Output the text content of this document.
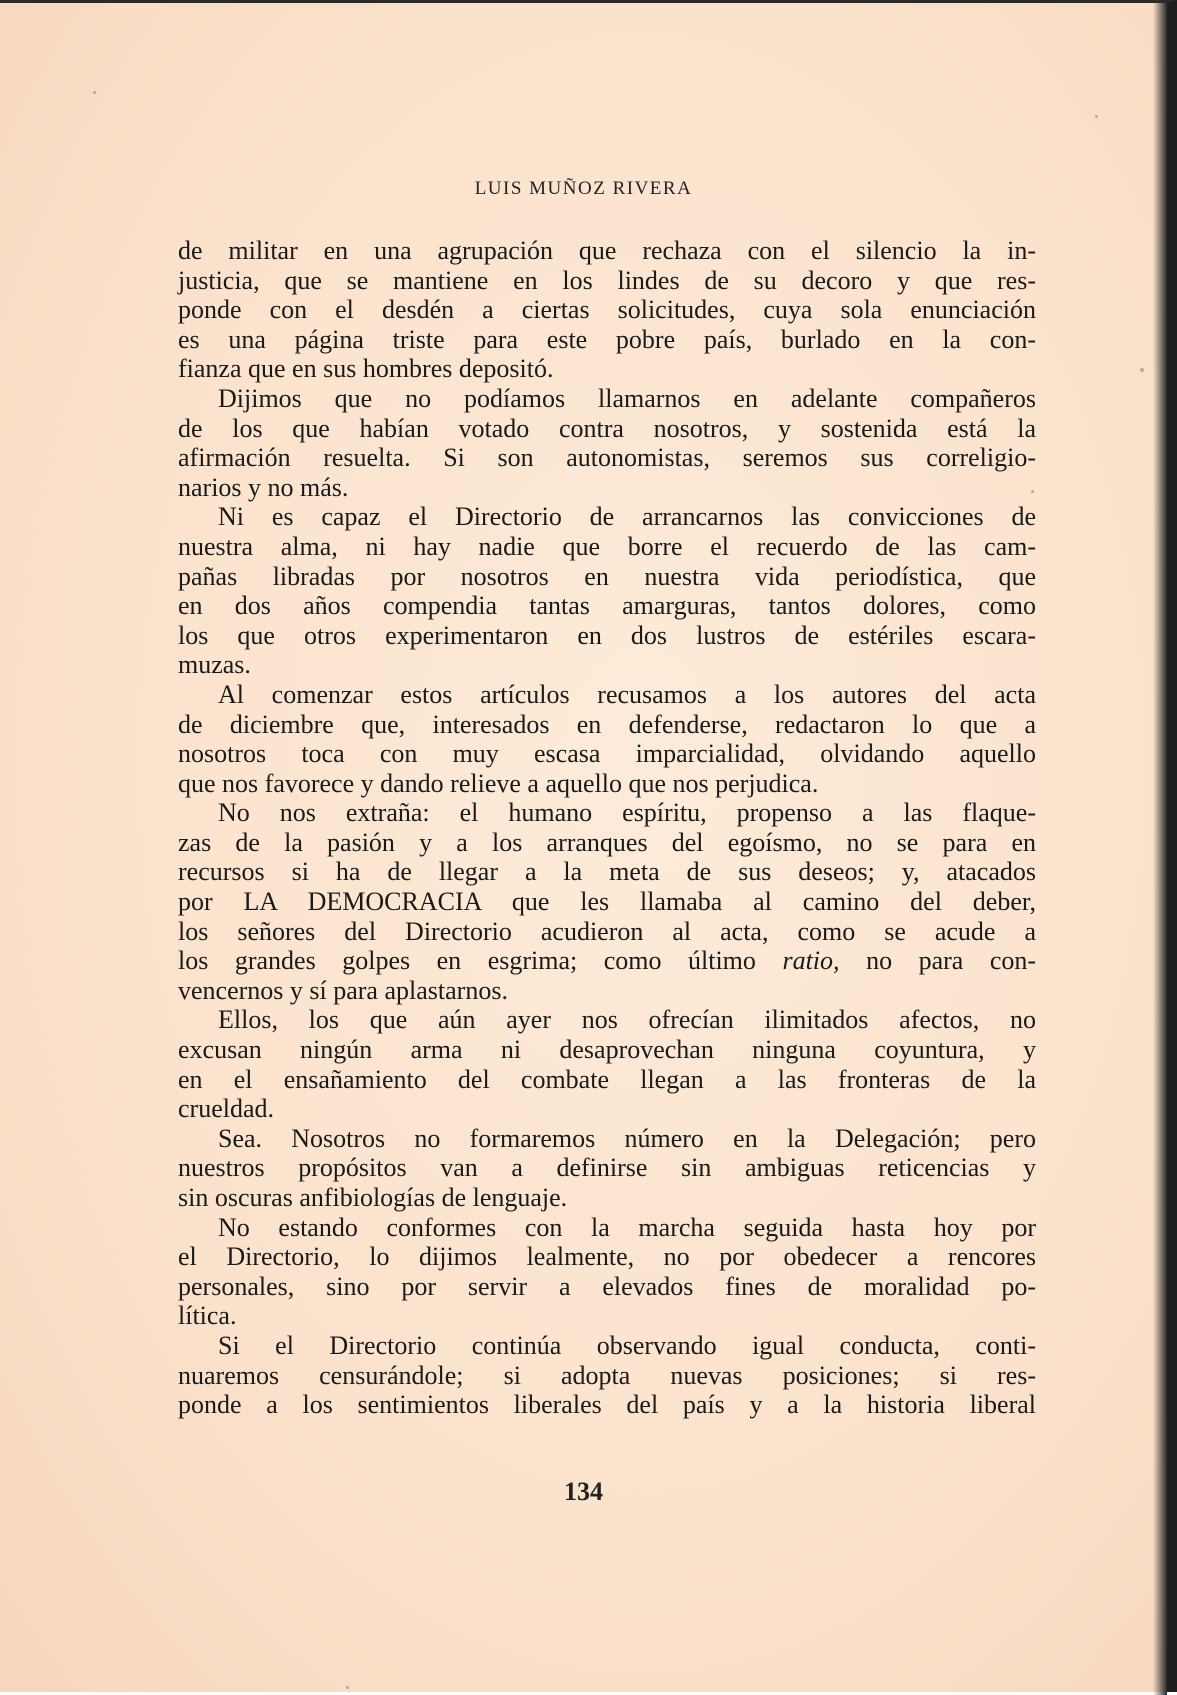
LUIS MUÑOZ RIVERA
de militar en una agrupación que rechaza con el silencio la in-
justicia, que se mantiene en los lindes de su decoro y que res-
ponde con el desdén a ciertas solicitudes, cuya sola enunciación
es una página triste para este pobre país, burlado en la con-
fianza que en sus hombres depositó.
Dijimos que no podíamos llamarnos en adelante compañeros
de los que habían votado contra nosotros, y sostenida está la
afirmación resuelta. Si son autonomistas, seremos sus correligio-
narios y no más.
Ni es capaz el Directorio de arrancarnos las convicciones de
nuestra alma, ni hay nadie que borre el recuerdo de las cam-
pañas libradas por nosotros en nuestra vida periodística, que
en dos años compendia tantas amarguras, tantos dolores, como
los que otros experimentaron en dos lustros de estériles escara-
muzas.
Al comenzar estos artículos recusamos a los autores del acta
de diciembre que, interesados en defenderse, redactaron lo que a
nosotros toca con muy escasa imparcialidad, olvidando aquello
que nos favorece y dando relieve a aquello que nos perjudica.
No nos extraña: el humano espíritu, propenso a las flaque-
zas de la pasión y a los arranques del egoísmo, no se para en
recursos si ha de llegar a la meta de sus deseos; y, atacados
por LA DEMOCRACIA que les llamaba al camino del deber,
los señores del Directorio acudieron al acta, como se acude a
los grandes golpes en esgrima; como último ratio, no para con-
vencernos y sí para aplastarnos.
Ellos, los que aún ayer nos ofrecían ilimitados afectos, no
excusan ningún arma ni desaprovechan ninguna coyuntura, y
en el ensañamiento del combate llegan a las fronteras de la
crueldad.
Sea. Nosotros no formaremos número en la Delegación; pero
nuestros propósitos van a definirse sin ambiguas reticencias y
sin oscuras anfibiologías de lenguaje.
No estando conformes con la marcha seguida hasta hoy por
el Directorio, lo dijimos lealmente, no por obedecer a rencores
personales, sino por servir a elevados fines de moralidad po-
lítica.
Si el Directorio continúa observando igual conducta, conti-
nuaremos censurándole; si adopta nuevas posiciones; si res-
ponde a los sentimientos liberales del país y a la historia liberal
134
